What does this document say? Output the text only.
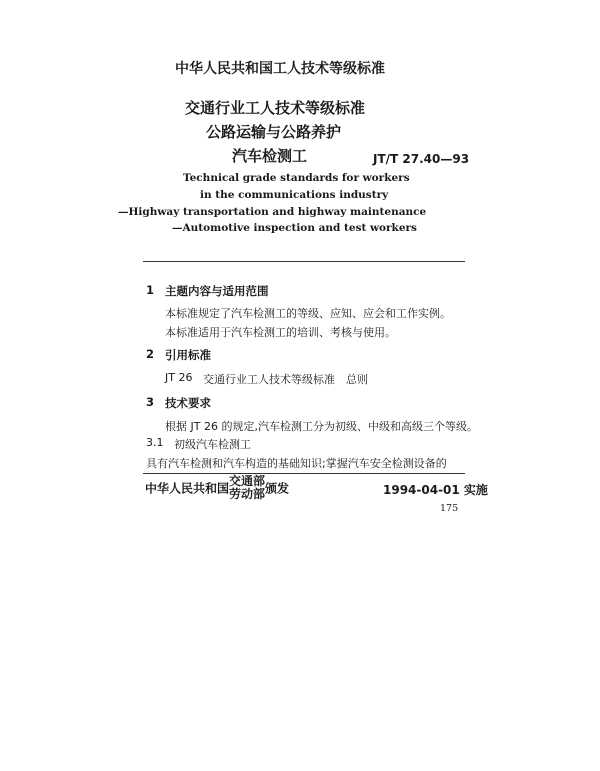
中华人民共和国工人技术等级标准
交通行业工人技术等级标准
公路运输与公路养护
汽车检测工	JT/T 27.40—93
Technical grade standards for workers
in the communications industry
—Highway transportation and highway maintenance
—Automotive inspection and test workers
1 主题内容与适用范围
本标准规定了汽车检测工的等级、应知、应会和工作实例。
本标准适用于汽车检测工的培训、考核与使用。
2 引用标准
JT 26 交通行业工人技术等级标准　总则
3 技术要求
根据 JT 26 的规定,汽车检测工分为初级、中级和高级三个等级。
3.1 初级汽车检测工
具有汽车检测和汽车构造的基础知识;掌握汽车安全检测设备的
中华人民共和国
交通部
劳动部 颁发	1994-04-01 实施
175
